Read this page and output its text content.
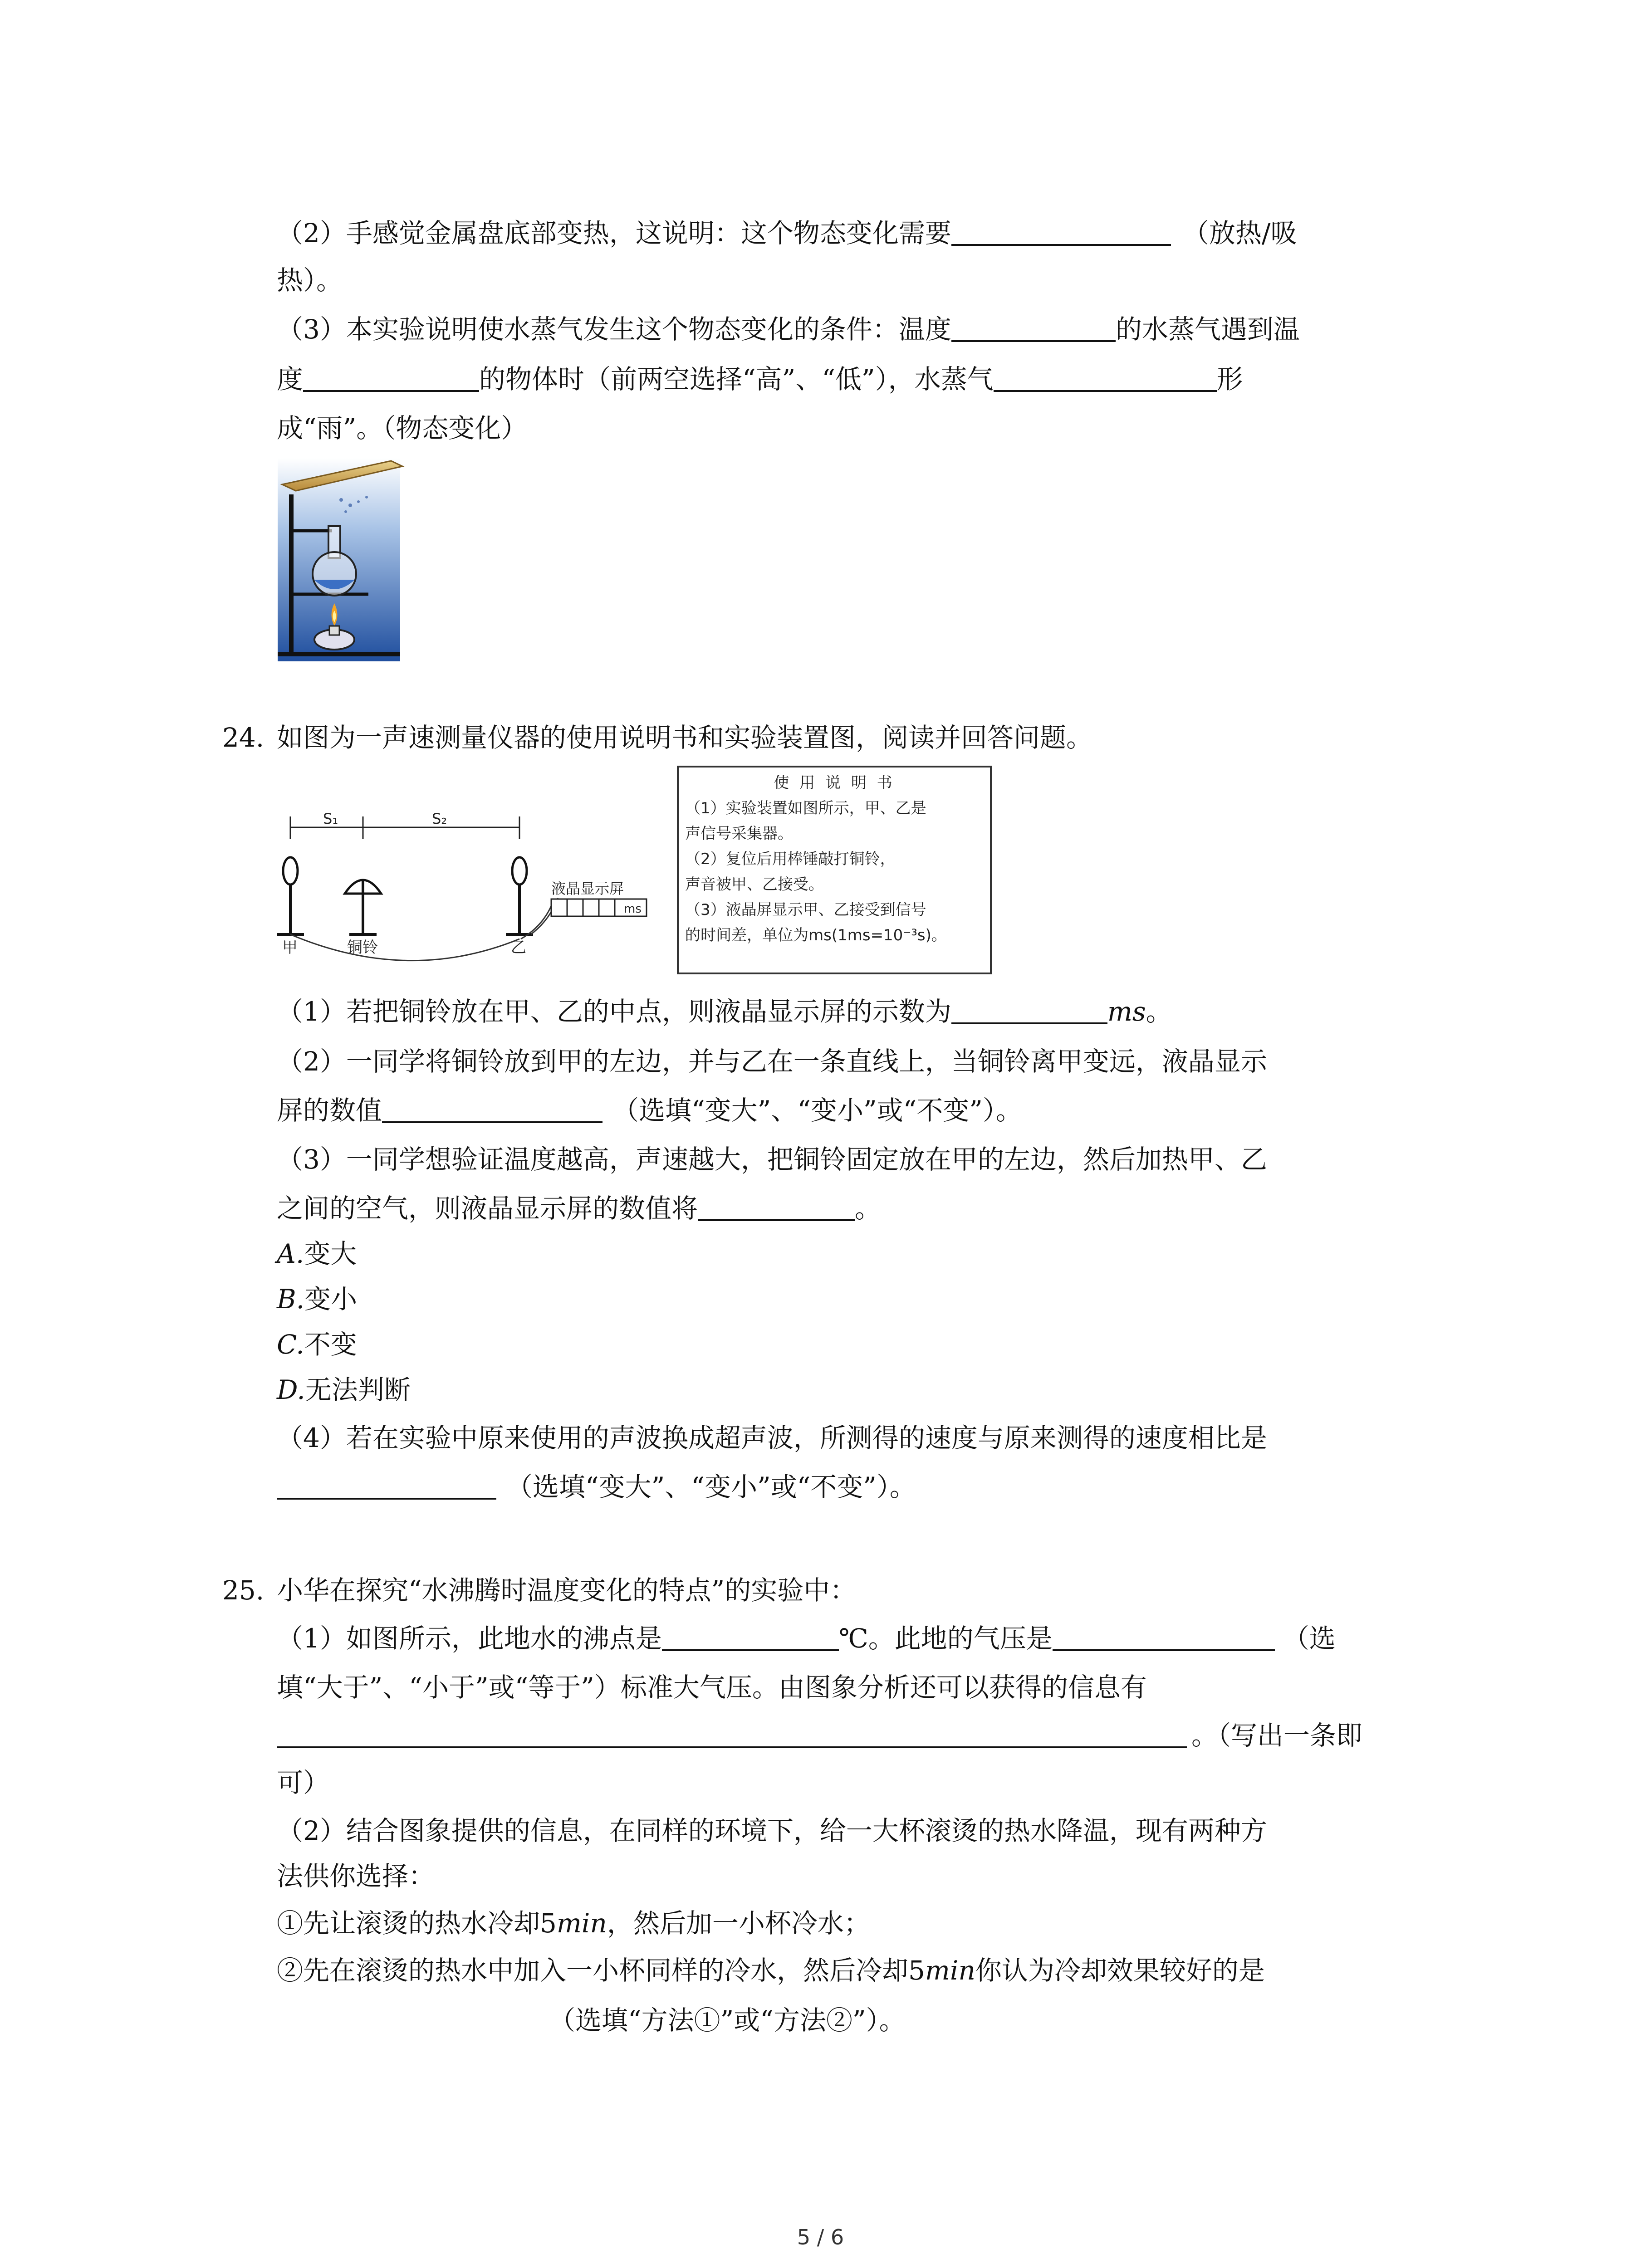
（2）手感觉金属盘底部变热，这说明：这个物态变化需要	（放热/吸
热）。
（3）本实验说明使水蒸气发生这个物态变化的条件：温度	的水蒸气遇到温
度	的物体时（前两空选择“高”、“低”），水蒸气	形
成“雨”。（物态变化）
24. 如图为一声速测量仪器的使用说明书和实验装置图，阅读并回答问题。
S₁	S₂
液晶显示屏
ms
甲	铜铃	乙
使 用 说 明 书
（1）实验装置如图所示，甲、乙是
声信号采集器。
（2）复位后用棒锤敲打铜铃，
声音被甲、乙接受。
（3）液晶屏显示甲、乙接受到信号
的时间差，单位为ms(1ms=10⁻³s)。
（1）若把铜铃放在甲、乙的中点，则液晶显示屏的示数为	ms。
（2）一同学将铜铃放到甲的左边，并与乙在一条直线上，当铜铃离甲变远，液晶显示
屏的数值	（选填“变大”、“变小”或“不变”）。
（3）一同学想验证温度越高，声速越大，把铜铃固定放在甲的左边，然后加热甲、乙
之间的空气，则液晶显示屏的数值将	。
A.变大
B.变小
C.不变
D.无法判断
（4）若在实验中原来使用的声波换成超声波，所测得的速度与原来测得的速度相比是
（选填“变大”、“变小”或“不变”）。
25. 小华在探究“水沸腾时温度变化的特点”的实验中：
（1）如图所示，此地水的沸点是	℃。此地的气压是	（选
填“大于”、“小于”或“等于”）标准大气压。由图象分析还可以获得的信息有
。（写出一条即
可）
（2）结合图象提供的信息，在同样的环境下，给一大杯滚烫的热水降温，现有两种方
法供你选择：
①先让滚烫的热水冷却5min，然后加一小杯冷水；
②先在滚烫的热水中加入一小杯同样的冷水，然后冷却5min你认为冷却效果较好的是
（选填“方法①”或“方法②”）。
5 / 6
